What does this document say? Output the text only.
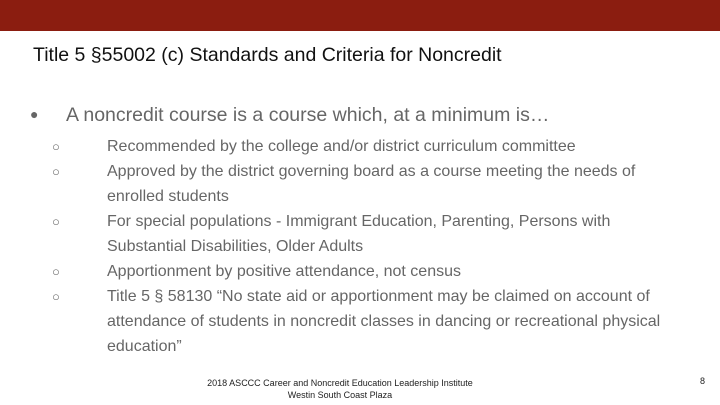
Title 5 §55002 (c) Standards and Criteria for Noncredit
●	A noncredit course is a course which, at a minimum is…
○	Recommended by the college and/or district curriculum committee
○	Approved by the district governing board as a course meeting the needs of enrolled students
○	For special populations - Immigrant Education, Parenting, Persons with Substantial Disabilities, Older Adults
○	Apportionment by positive attendance, not census
○	Title 5 § 58130 “No state aid or apportionment may be claimed on account of attendance of students in noncredit classes in dancing or recreational physical education”
2018 ASCCC Career and Noncredit Education Leadership Institute
Westin South Coast Plaza
8
